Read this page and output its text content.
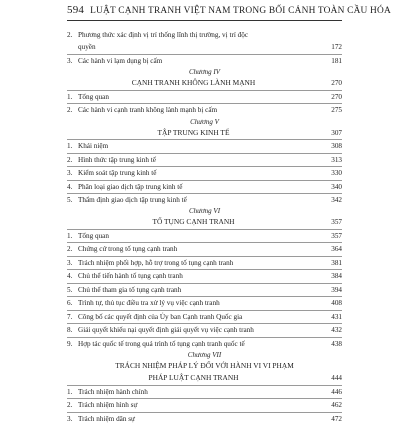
594 LUẬT CẠNH TRANH VIỆT NAM TRONG BỐI CẢNH TOÀN CẦU HÓA
2. Phương thức xác định vị trí thống lĩnh thị trường, vị trí độc
quyền	172
3. Các hành vi lạm dụng bị cấm	181
Chương IV
CẠNH TRANH KHÔNG LÀNH MẠNH	270
1. Tổng quan	270
2. Các hành vi cạnh tranh không lành mạnh bị cấm	275
Chương V
TẬP TRUNG KINH TẾ	307
1. Khái niệm	308
2. Hình thức tập trung kinh tế	313
3. Kiểm soát tập trung kinh tế	330
4. Phân loại giao dịch tập trung kinh tế	340
5. Thẩm định giao dịch tập trung kinh tế	342
Chương VI
TỐ TỤNG CẠNH TRANH	357
1. Tổng quan	357
2. Chứng cứ trong tố tụng cạnh tranh	364
3. Trách nhiệm phối hợp, hỗ trợ trong tố tụng cạnh tranh	381
4. Chủ thể tiến hành tố tụng cạnh tranh	384
5. Chủ thể tham gia tố tụng cạnh tranh	394
6. Trình tự, thủ tục điều tra xử lý vụ việc cạnh tranh	408
7. Công bố các quyết định của Ủy ban Cạnh tranh Quốc gia	431
8. Giải quyết khiếu nại quyết định giải quyết vụ việc cạnh tranh	432
9. Hợp tác quốc tế trong quá trình tố tụng cạnh tranh quốc tế	438
Chương VII
TRÁCH NHIỆM PHÁP LÝ ĐỐI VỚI HÀNH VI VI PHẠM
PHÁP LUẬT CẠNH TRANH	444
1. Trách nhiệm hành chính	446
2. Trách nhiệm hình sự	462
3. Trách nhiệm dân sự	472
